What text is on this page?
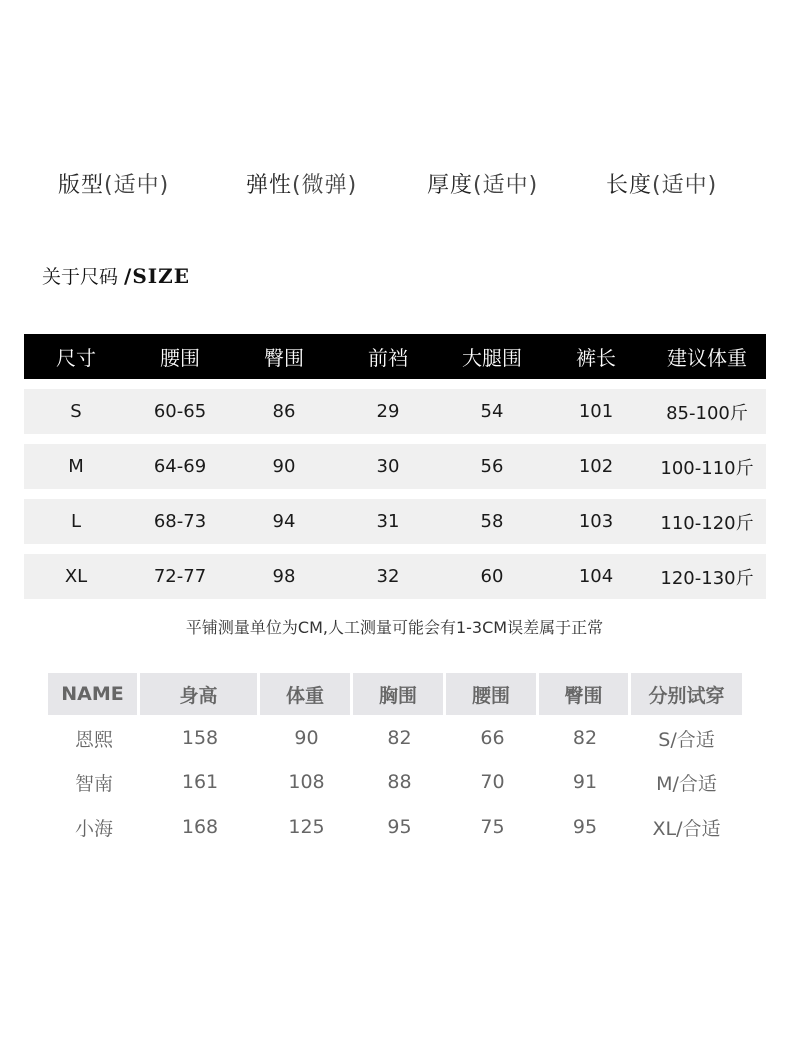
版型(适中)	弹性(微弹)	厚度(适中)	长度(适中)
关于尺码 /SIZE
尺寸	腰围	臀围	前裆	大腿围	裤长	建议体重
S	60-65	86	29	54	101	85-100斤
M	64-69	90	30	56	102	100-110斤
L	68-73	94	31	58	103	110-120斤
XL	72-77	98	32	60	104	120-130斤
平铺测量单位为CM,人工测量可能会有1-3CM误差属于正常
NAME	身高	体重	胸围	腰围	臀围	分别试穿
恩熙	158	90	82	66	82	S/合适
智南	161	108	88	70	91	M/合适
小海	168	125	95	75	95	XL/合适
